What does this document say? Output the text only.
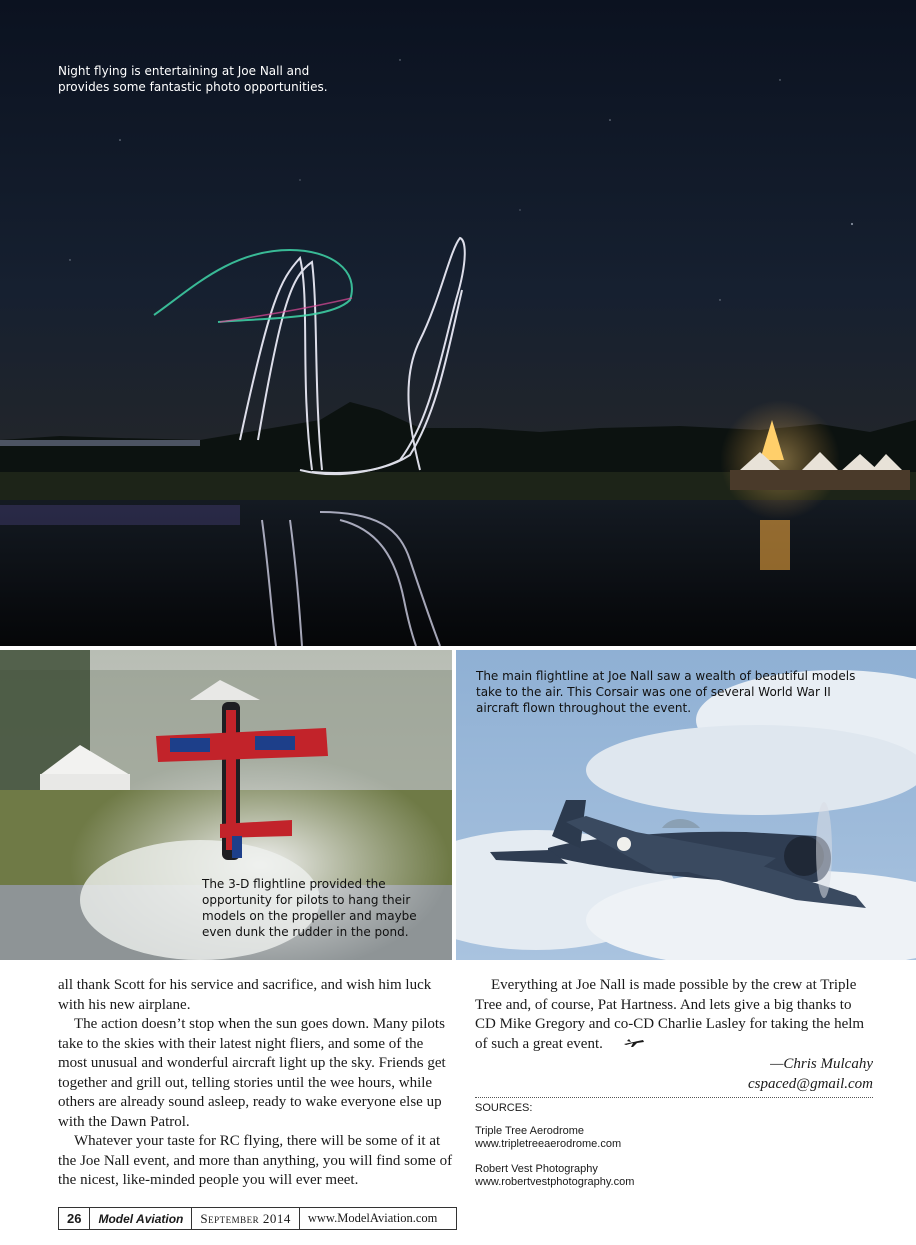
Night flying is entertaining at Joe Nall and provides some fantastic photo opportunities.
The 3-D flightline provided the opportunity for pilots to hang their models on the propeller and maybe even dunk the rudder in the pond.
The main flightline at Joe Nall saw a wealth of beautiful models take to the air. This Corsair was one of several World War II aircraft flown throughout the event.

all thank Scott for his service and sacrifice, and wish him luck with his new airplane.

The action doesn’t stop when the sun goes down. Many pilots take to the skies with their latest night fliers, and some of the most unusual and wonderful aircraft light up the sky. Friends get together and grill out, telling stories until the wee hours, while others are already sound asleep, ready to wake everyone else up with the Dawn Patrol.

Whatever your taste for RC flying, there will be some of it at the Joe Nall event, and more than anything, you will find some of the nicest, like-minded people you will ever meet.

Everything at Joe Nall is made possible by the crew at Triple Tree and, of course, Pat Hartness. And lets give a big thanks to CD Mike Gregory and co-CD Charlie Lasley for taking the helm of such a great event.

—Chris Mulcahy
cspaced@gmail.com
SOURCES:
Triple Tree Aerodrome
www.tripletreeaerodrome.com
Robert Vest Photography
www.robertvestphotography.com
26	Model Aviation	September 2014	www.ModelAviation.com
